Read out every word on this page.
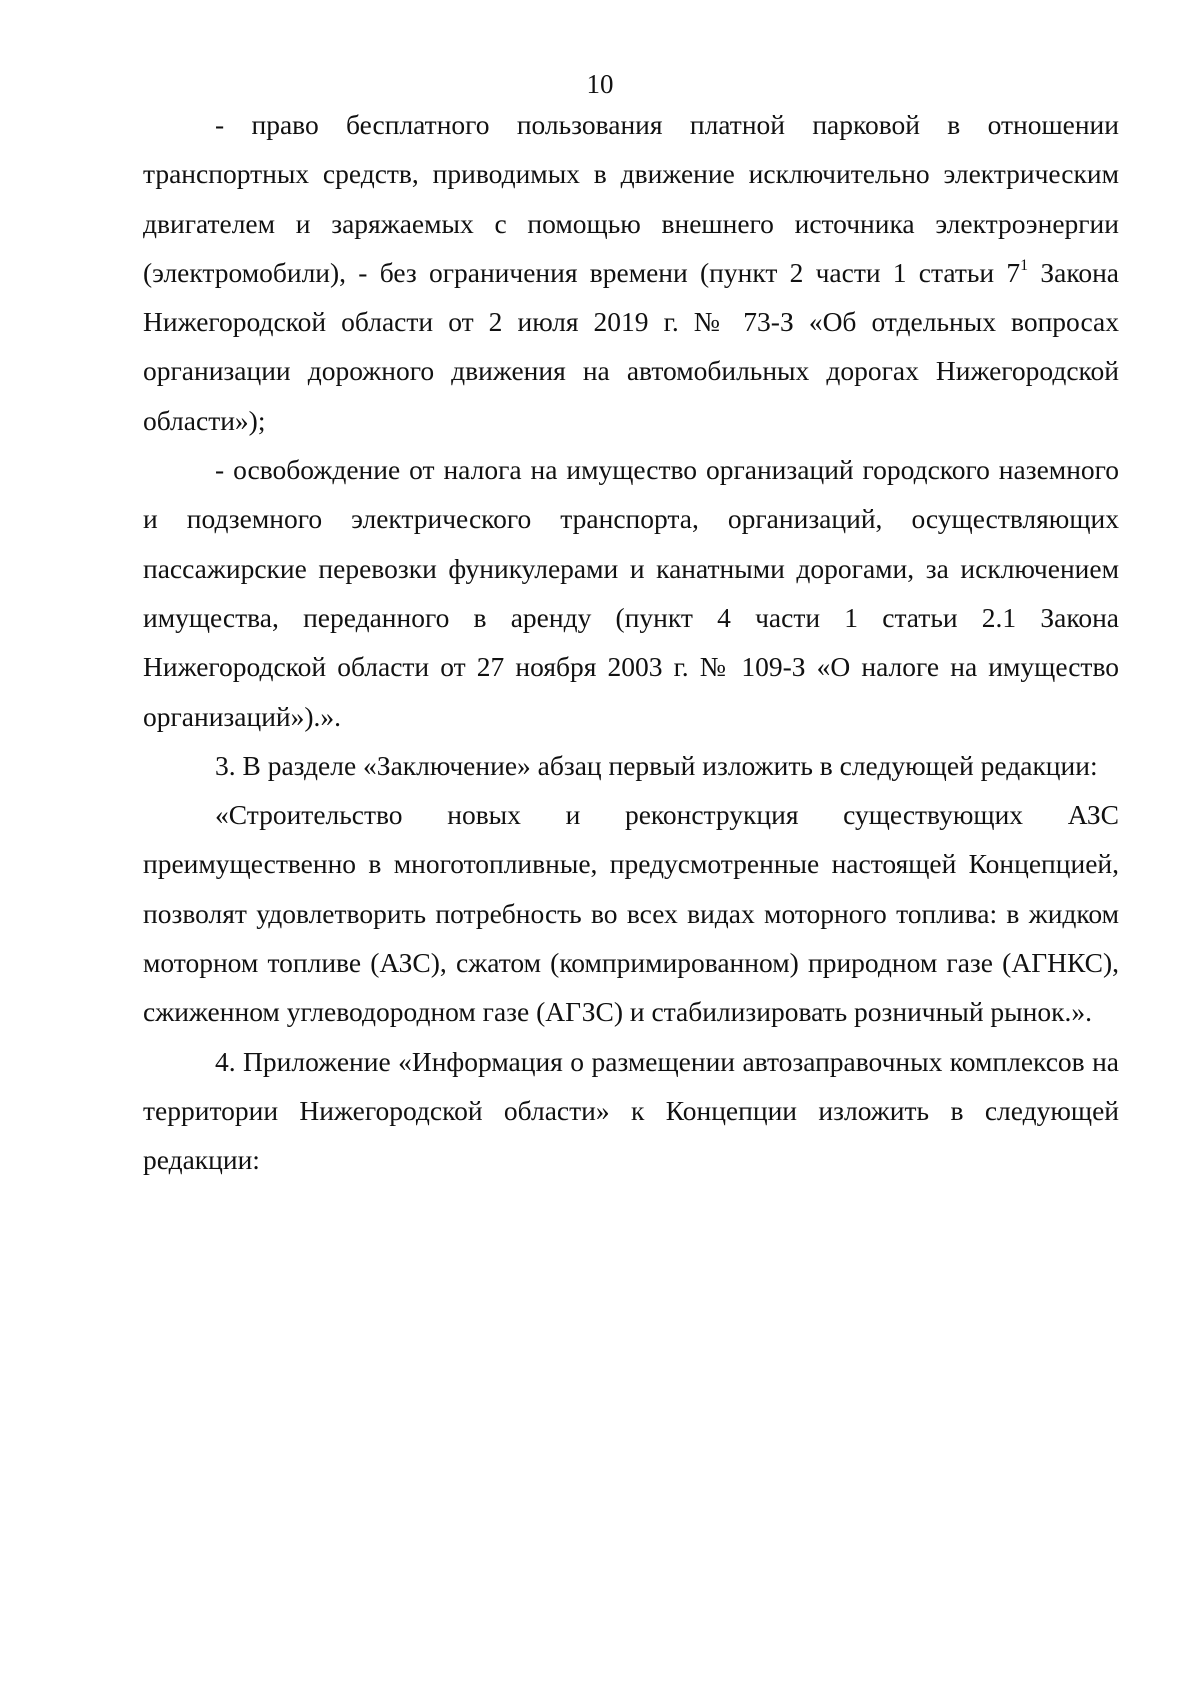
10

- право бесплатного пользования платной парковой в отношении транспортных средств, приводимых в движение исключительно электрическим двигателем и заряжаемых с помощью внешнего источника электроэнергии (электромобили), - без ограничения времени (пункт 2 части 1 статьи $7^1$ Закона Нижегородской области от 2 июля 2019 г. № 73-З «Об отдельных вопросах организации дорожного движения на автомобильных дорогах Нижегородской области»);

- освобождение от налога на имущество организаций городского наземного и подземного электрического транспорта, организаций, осуществляющих пассажирские перевозки фуникулерами и канатными дорогами, за исключением имущества, переданного в аренду (пункт 4 части 1 статьи 2.1 Закона Нижегородской области от 27 ноября 2003 г. № 109-З «О налоге на имущество организаций»).».

3. В разделе «Заключение» абзац первый изложить в следующей редакции:

«Строительство новых и реконструкция существующих АЗС преимущественно в многотопливные, предусмотренные настоящей Концепцией, позволят удовлетворить потребность во всех видах моторного топлива: в жидком моторном топливе (АЗС), сжатом (компримированном) природном газе (АГНКС), сжиженном углеводородном газе (АГЗС) и стабилизировать розничный рынок.».

4. Приложение «Информация о размещении автозаправочных комплексов на территории Нижегородской области» к Концепции изложить в следующей редакции:
